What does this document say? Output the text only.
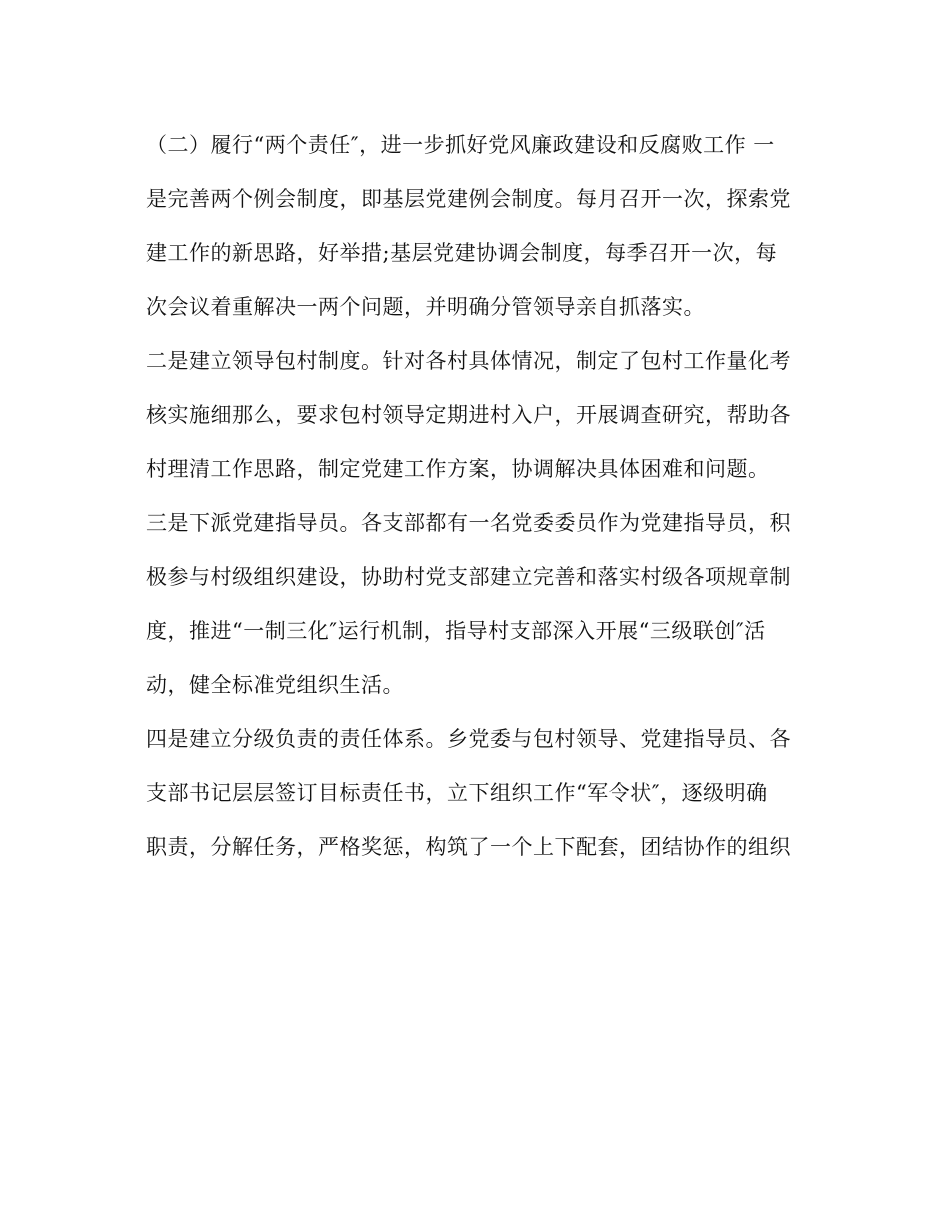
（二）履行“两个责任″，进一步抓好党风廉政建设和反腐败工作 一
是完善两个例会制度，即基层党建例会制度。每月召开一次，探索党
建工作的新思路，好举措;基层党建协调会制度，每季召开一次，每
次会议着重解决一两个问题，并明确分管领导亲自抓落实。
二是建立领导包村制度。针对各村具体情况，制定了包村工作量化考
核实施细那么，要求包村领导定期进村入户，开展调查研究，帮助各
村理清工作思路，制定党建工作方案，协调解决具体困难和问题。
三是下派党建指导员。各支部都有一名党委委员作为党建指导员，积
极参与村级组织建设，协助村党支部建立完善和落实村级各项规章制
度，推进“一制三化″运行机制，指导村支部深入开展“三级联创″活
动，健全标准党组织生活。
四是建立分级负责的责任体系。乡党委与包村领导、党建指导员、各
支部书记层层签订目标责任书，立下组织工作“军令状″，逐级明确
职责，分解任务，严格奖惩，构筑了一个上下配套，团结协作的组织
